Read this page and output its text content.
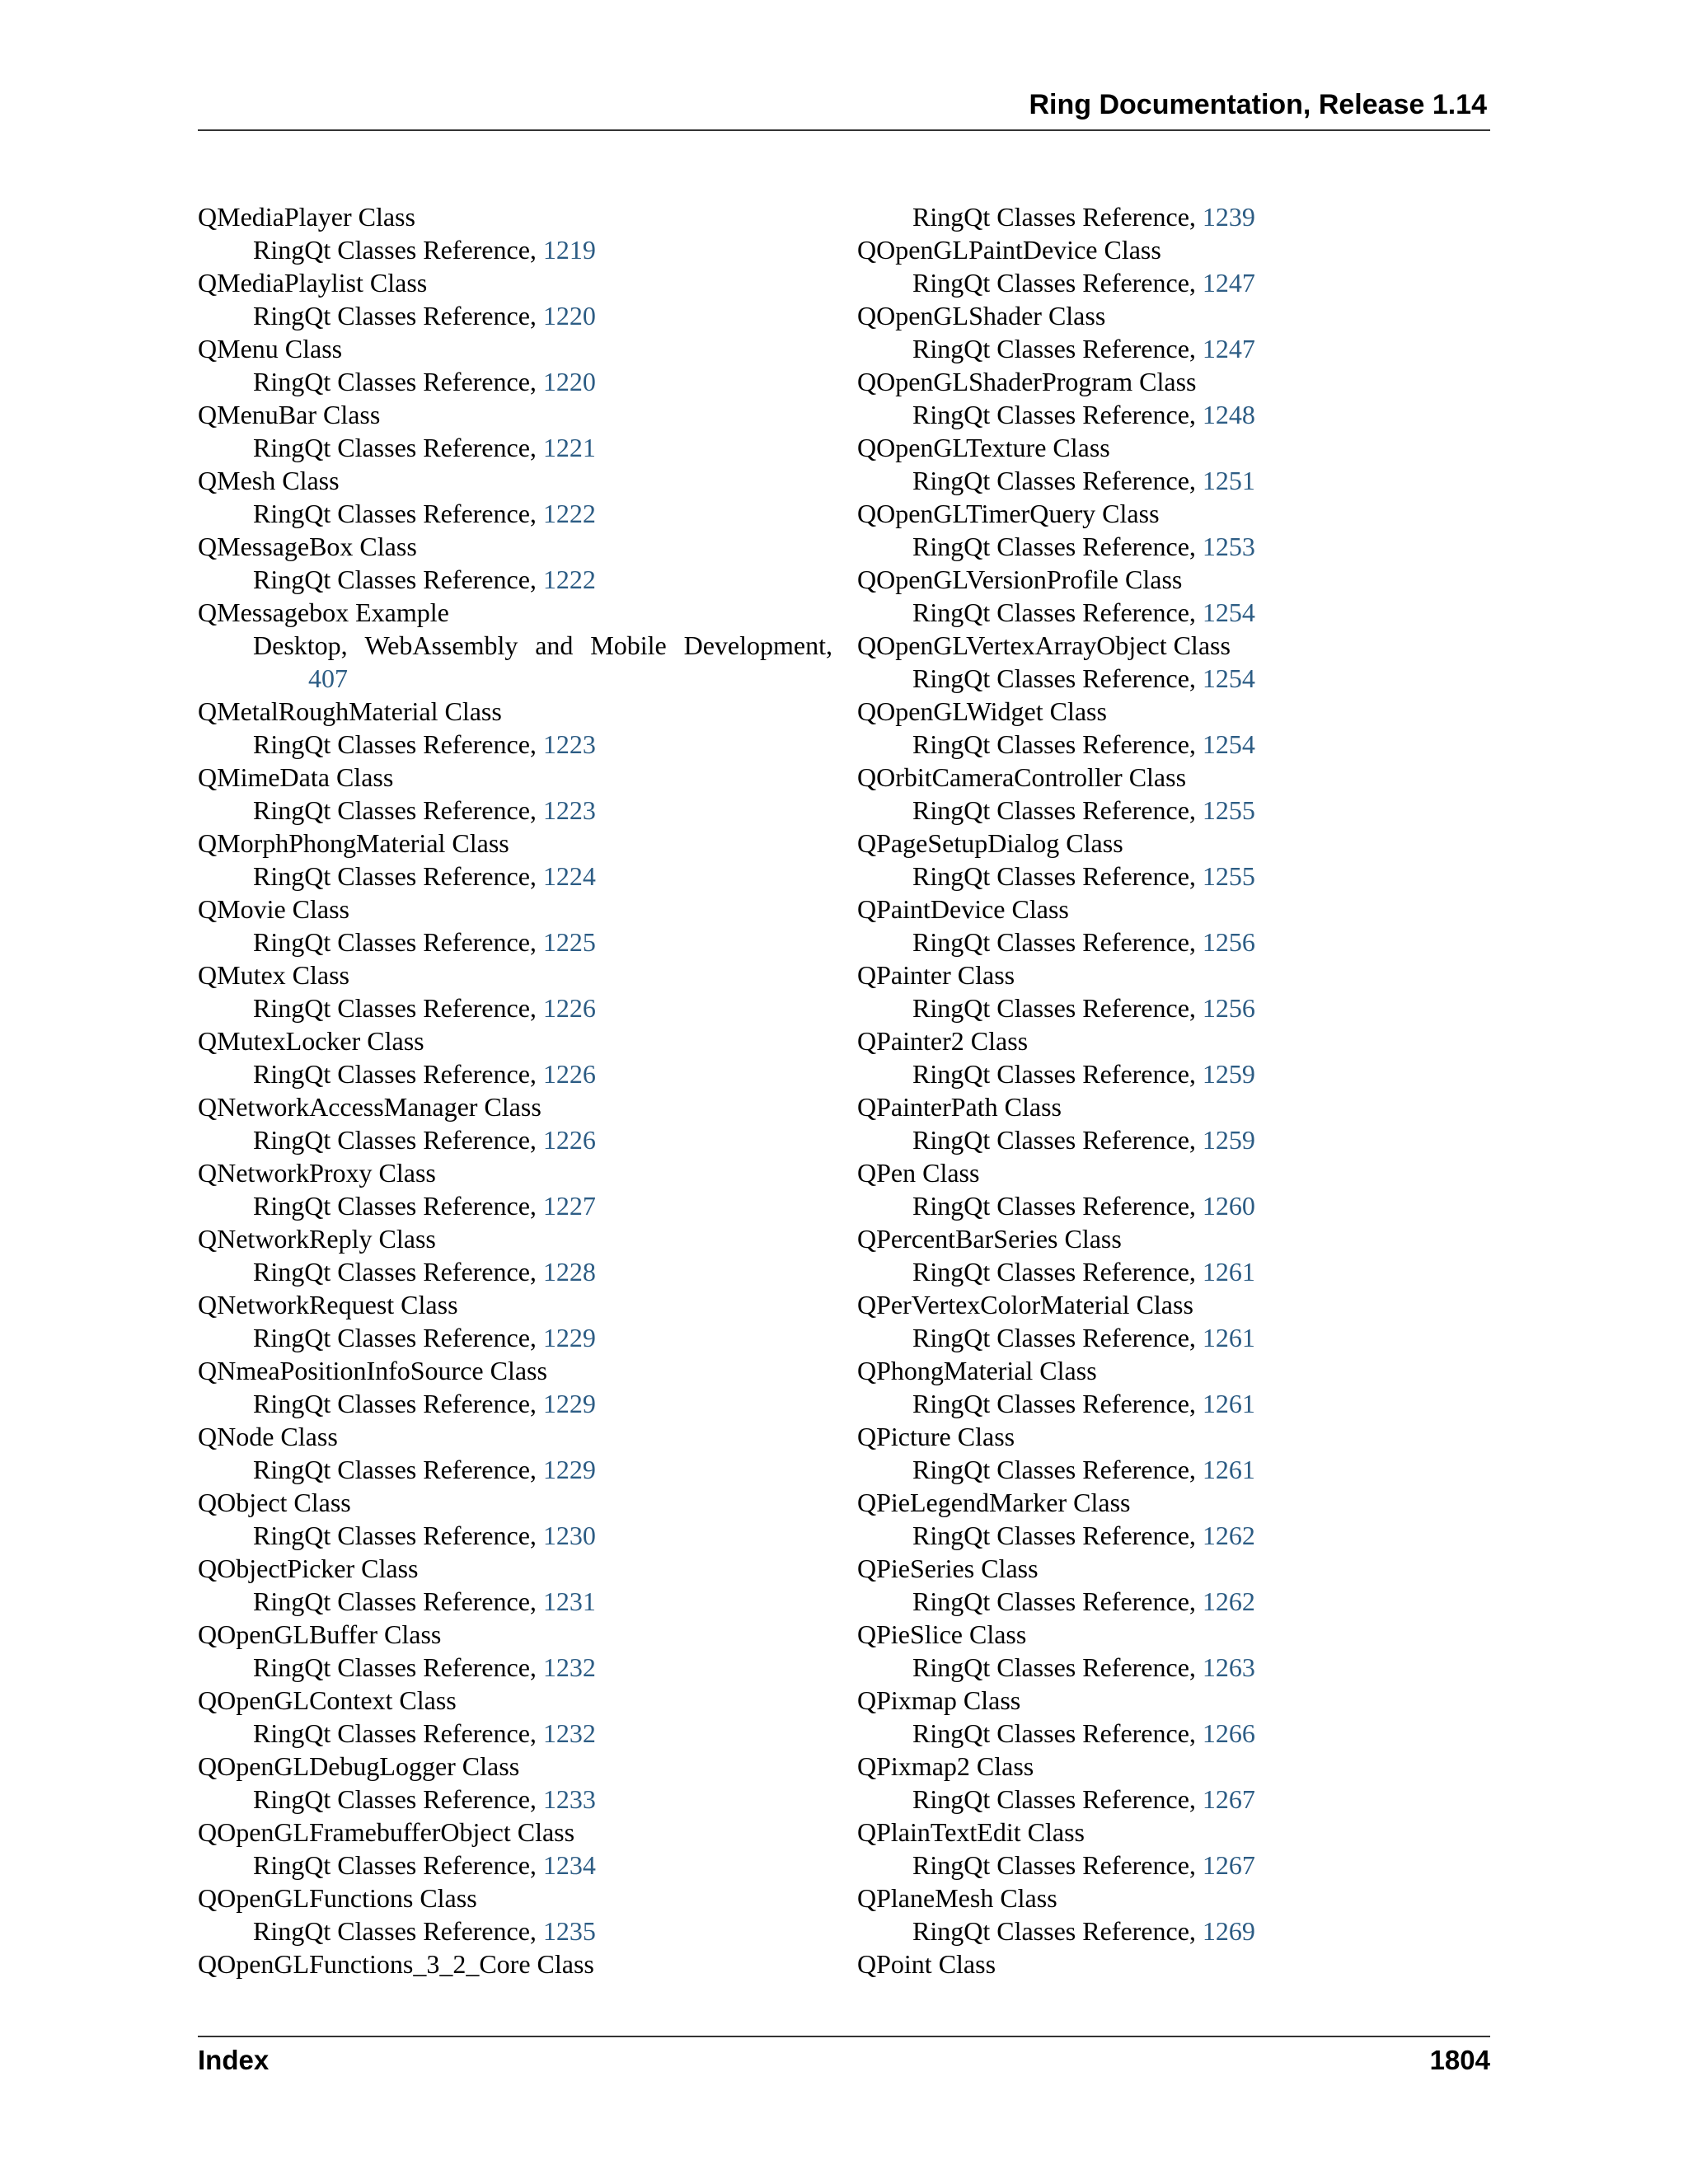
Ring Documentation, Release 1.14
QMediaPlayer Class
RingQt Classes Reference, 1219
QMediaPlaylist Class
RingQt Classes Reference, 1220
QMenu Class
RingQt Classes Reference, 1220
QMenuBar Class
RingQt Classes Reference, 1221
QMesh Class
RingQt Classes Reference, 1222
QMessageBox Class
RingQt Classes Reference, 1222
QMessagebox Example
Desktop, WebAssembly and Mobile Development,
407
QMetalRoughMaterial Class
RingQt Classes Reference, 1223
QMimeData Class
RingQt Classes Reference, 1223
QMorphPhongMaterial Class
RingQt Classes Reference, 1224
QMovie Class
RingQt Classes Reference, 1225
QMutex Class
RingQt Classes Reference, 1226
QMutexLocker Class
RingQt Classes Reference, 1226
QNetworkAccessManager Class
RingQt Classes Reference, 1226
QNetworkProxy Class
RingQt Classes Reference, 1227
QNetworkReply Class
RingQt Classes Reference, 1228
QNetworkRequest Class
RingQt Classes Reference, 1229
QNmeaPositionInfoSource Class
RingQt Classes Reference, 1229
QNode Class
RingQt Classes Reference, 1229
QObject Class
RingQt Classes Reference, 1230
QObjectPicker Class
RingQt Classes Reference, 1231
QOpenGLBuffer Class
RingQt Classes Reference, 1232
QOpenGLContext Class
RingQt Classes Reference, 1232
QOpenGLDebugLogger Class
RingQt Classes Reference, 1233
QOpenGLFramebufferObject Class
RingQt Classes Reference, 1234
QOpenGLFunctions Class
RingQt Classes Reference, 1235
QOpenGLFunctions_3_2_Core Class
RingQt Classes Reference, 1239
QOpenGLPaintDevice Class
RingQt Classes Reference, 1247
QOpenGLShader Class
RingQt Classes Reference, 1247
QOpenGLShaderProgram Class
RingQt Classes Reference, 1248
QOpenGLTexture Class
RingQt Classes Reference, 1251
QOpenGLTimerQuery Class
RingQt Classes Reference, 1253
QOpenGLVersionProfile Class
RingQt Classes Reference, 1254
QOpenGLVertexArrayObject Class
RingQt Classes Reference, 1254
QOpenGLWidget Class
RingQt Classes Reference, 1254
QOrbitCameraController Class
RingQt Classes Reference, 1255
QPageSetupDialog Class
RingQt Classes Reference, 1255
QPaintDevice Class
RingQt Classes Reference, 1256
QPainter Class
RingQt Classes Reference, 1256
QPainter2 Class
RingQt Classes Reference, 1259
QPainterPath Class
RingQt Classes Reference, 1259
QPen Class
RingQt Classes Reference, 1260
QPercentBarSeries Class
RingQt Classes Reference, 1261
QPerVertexColorMaterial Class
RingQt Classes Reference, 1261
QPhongMaterial Class
RingQt Classes Reference, 1261
QPicture Class
RingQt Classes Reference, 1261
QPieLegendMarker Class
RingQt Classes Reference, 1262
QPieSeries Class
RingQt Classes Reference, 1262
QPieSlice Class
RingQt Classes Reference, 1263
QPixmap Class
RingQt Classes Reference, 1266
QPixmap2 Class
RingQt Classes Reference, 1267
QPlainTextEdit Class
RingQt Classes Reference, 1267
QPlaneMesh Class
RingQt Classes Reference, 1269
QPoint Class
Index	1804
